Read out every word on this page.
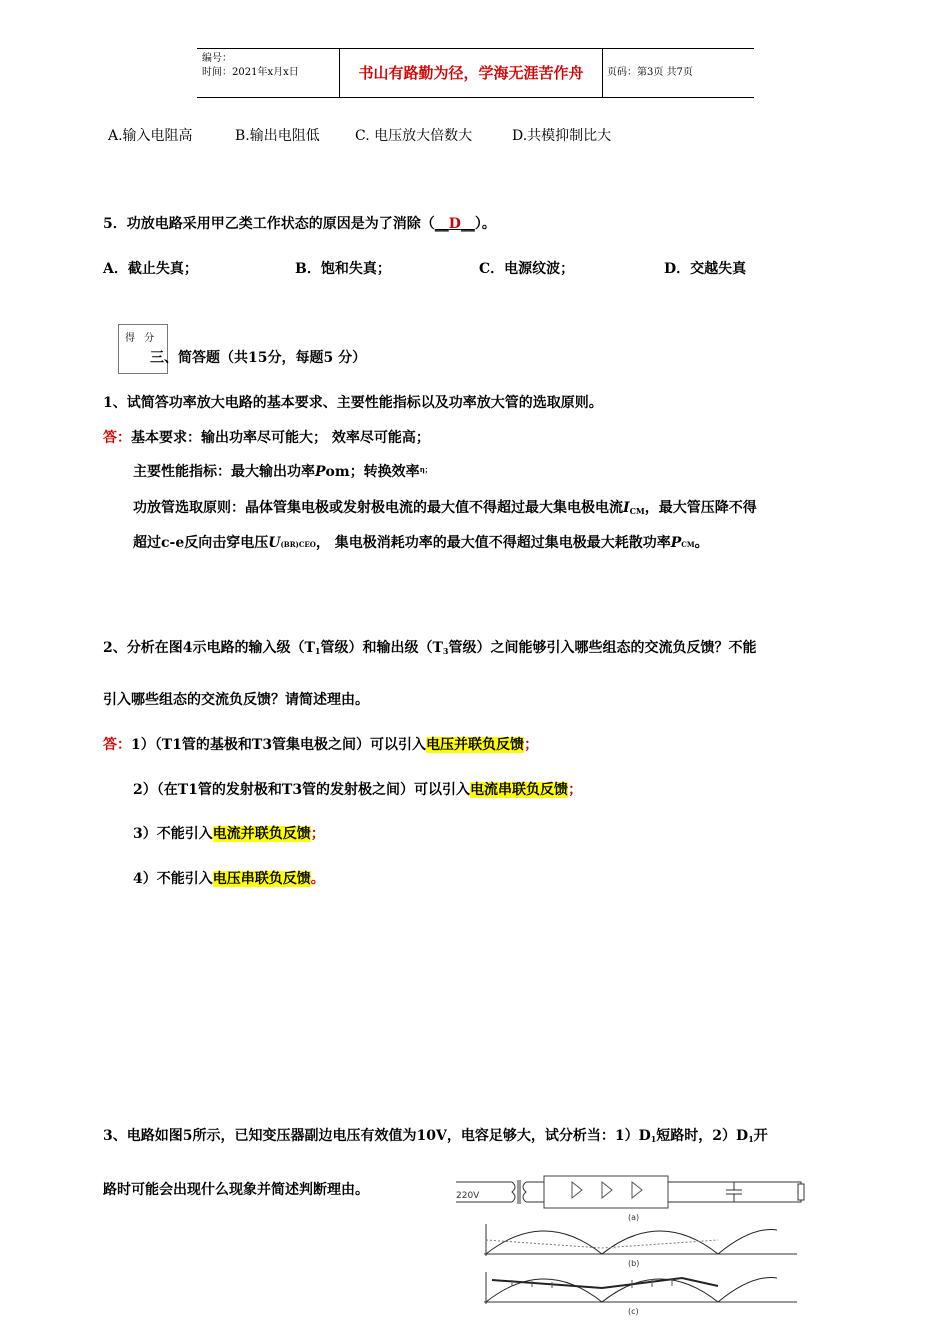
编号：
时间：2021年x月x日	书山有路勤为径，学海无涯苦作舟	页码：第3页 共7页
A.输入电阻高	B.输出电阻低	C. 电压放大倍数大	D.共模抑制比大
5．功放电路采用甲乙类工作状态的原因是为了消除（__D__）。
A．截止失真；	B．饱和失真；	C．电源纹波；	D．交越失真
得 分
三、简答题（共15分，每题5 分）
1、试简答功率放大电路的基本要求、主要性能指标以及功率放大管的选取原则。
答：基本要求：输出功率尽可能大； 效率尽可能高；
主要性能指标：最大输出功率Pom；转换效率$^{\eta;}$
功放管选取原则：晶体管集电极或发射极电流的最大值不得超过最大集电极电流$I_{CM}$，最大管压降不得
超过c-e反向击穿电压U(BR)CEO， 集电极消耗功率的最大值不得超过集电极最大耗散功率PCM。
2、分析在图4示电路的输入级（$T_1$管级）和输出级（$T_3$管级）之间能够引入哪些组态的交流负反馈？不能
引入哪些组态的交流负反馈？请简述理由。
答：1）（T1管的基极和T3管集电极之间）可以引入电压并联负反馈；
2）（在T1管的发射极和T3管的发射极之间）可以引入电流串联负反馈；
3）不能引入电流并联负反馈；
4）不能引入电压串联负反馈。
3、电路如图5所示，已知变压器副边电压有效值为10V，电容足够大，试分析当：$1)D_1$短路时，$2)D_1$开
路时可能会出现什么现象并简述判断理由。	220V
(a)
(b)
(c)
